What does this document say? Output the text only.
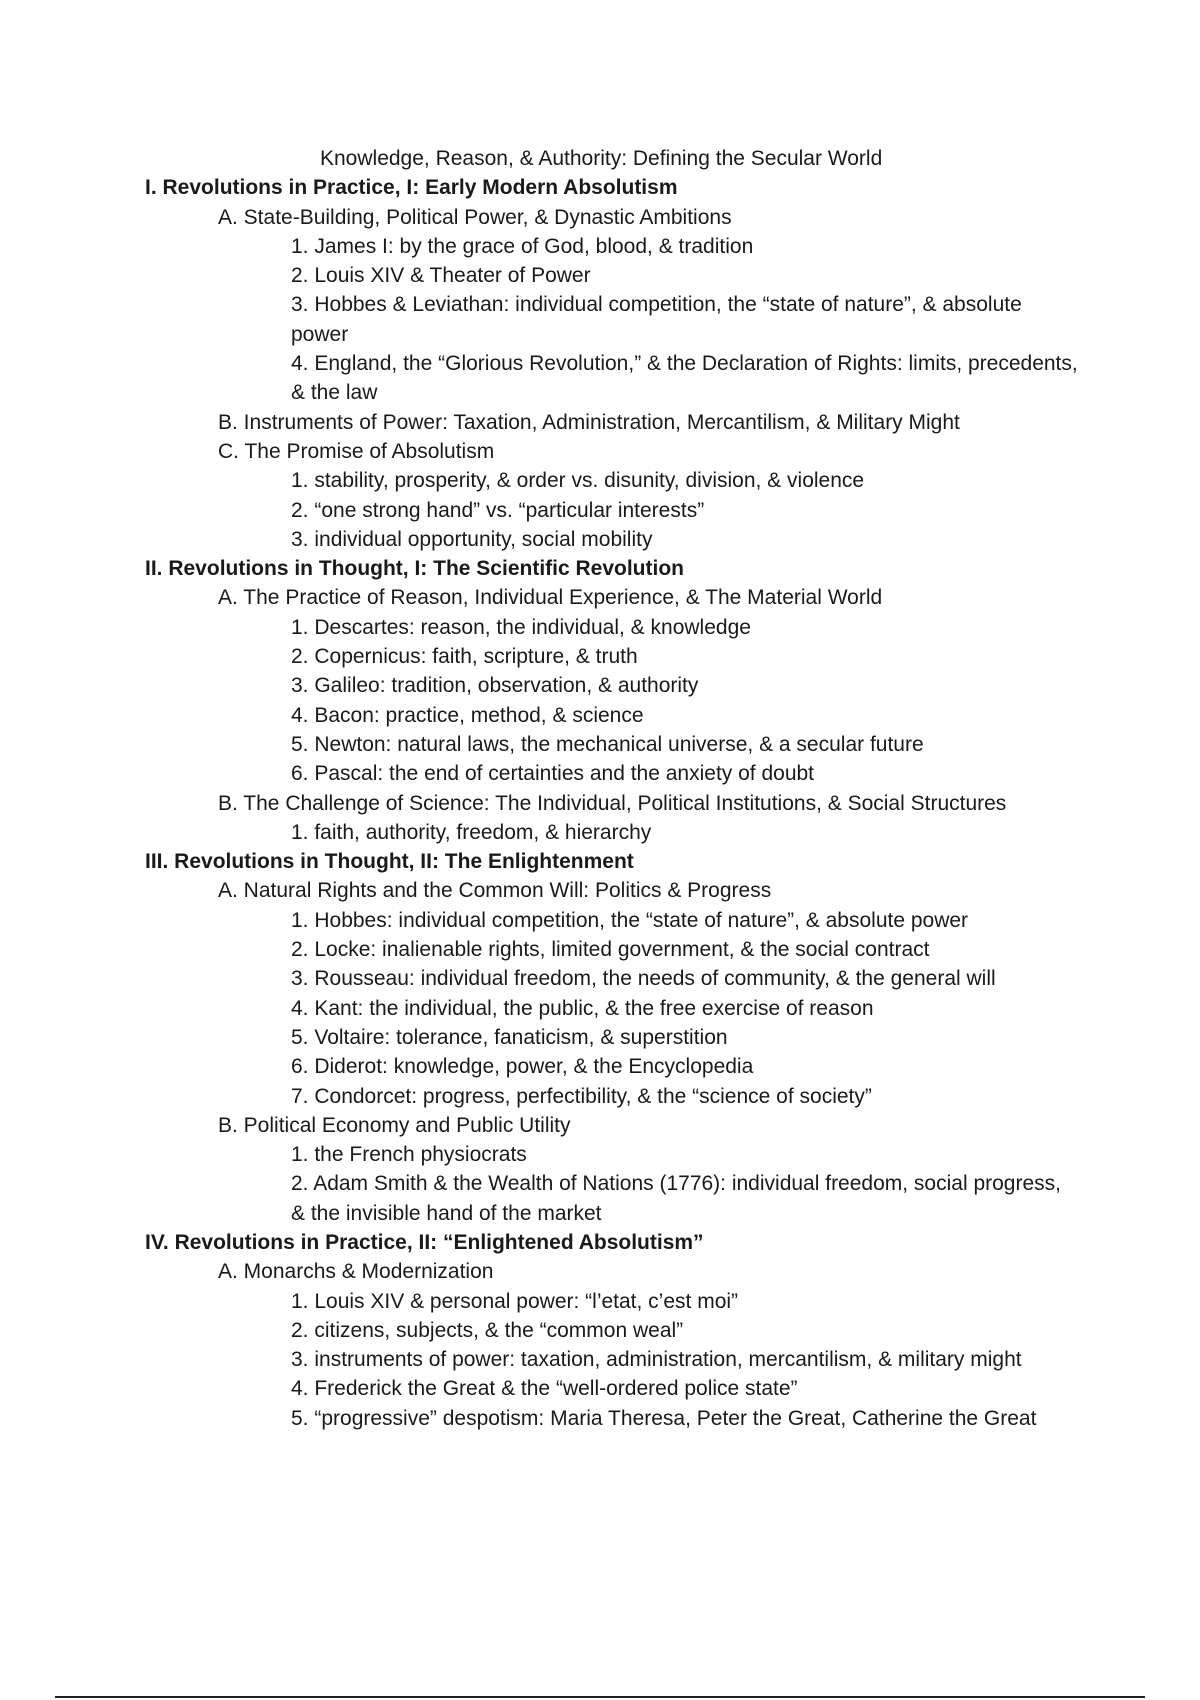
Knowledge, Reason, & Authority: Defining the Secular World
I. Revolutions in Practice, I: Early Modern Absolutism
A. State-Building, Political Power, & Dynastic Ambitions
1. James I: by the grace of God, blood, & tradition
2. Louis XIV & Theater of Power
3. Hobbes & Leviathan: individual competition, the “state of nature”, & absolute power
4. England, the “Glorious Revolution,” & the Declaration of Rights: limits, precedents, & the law
B. Instruments of Power: Taxation, Administration, Mercantilism, & Military Might
C. The Promise of Absolutism
1. stability, prosperity, & order vs. disunity, division, & violence
2. “one strong hand” vs. “particular interests”
3. individual opportunity, social mobility
II. Revolutions in Thought, I: The Scientific Revolution
A. The Practice of Reason, Individual Experience, & The Material World
1. Descartes: reason, the individual, & knowledge
2. Copernicus: faith, scripture, & truth
3. Galileo: tradition, observation, & authority
4. Bacon: practice, method, & science
5. Newton: natural laws, the mechanical universe, & a secular future
6. Pascal: the end of certainties and the anxiety of doubt
B. The Challenge of Science: The Individual, Political Institutions, & Social Structures
1. faith, authority, freedom, & hierarchy
III. Revolutions in Thought, II: The Enlightenment
A. Natural Rights and the Common Will: Politics & Progress
1. Hobbes: individual competition, the “state of nature”, & absolute power
2. Locke: inalienable rights, limited government, & the social contract
3. Rousseau: individual freedom, the needs of community, & the general will
4. Kant: the individual, the public, & the free exercise of reason
5. Voltaire: tolerance, fanaticism, & superstition
6. Diderot: knowledge, power, & the Encyclopedia
7. Condorcet: progress, perfectibility, & the “science of society”
B. Political Economy and Public Utility
1. the French physiocrats
2. Adam Smith & the Wealth of Nations (1776): individual freedom, social progress, & the invisible hand of the market
IV. Revolutions in Practice, II: “Enlightened Absolutism”
A. Monarchs & Modernization
1. Louis XIV & personal power: “l’etat, c’est moi”
2. citizens, subjects, & the “common weal”
3. instruments of power: taxation, administration, mercantilism, & military might
4. Frederick the Great & the “well-ordered police state”
5. “progressive” despotism: Maria Theresa, Peter the Great, Catherine the Great
